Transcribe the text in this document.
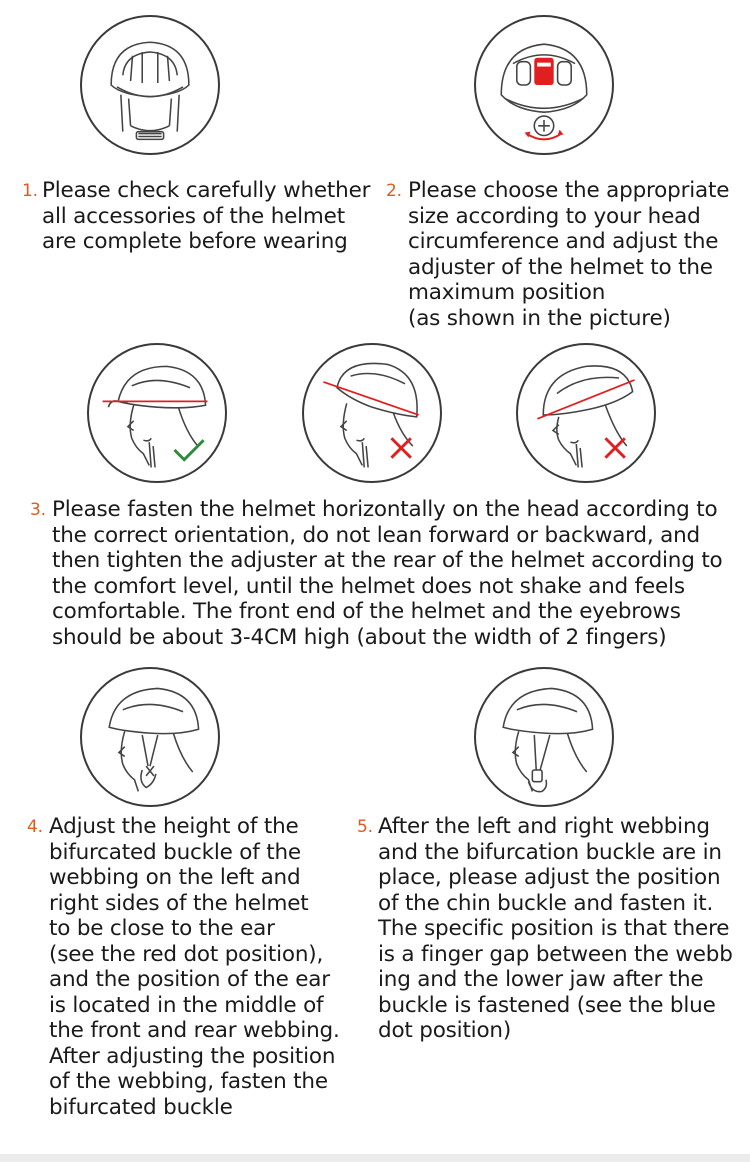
1. Please check carefully whether
all accessories of the helmet
are complete before wearing
2. Please choose the appropriate
size according to your head
circumference and adjust the
adjuster of the helmet to the
maximum position
(as shown in the picture)
3. Please fasten the helmet horizontally on the head according to
the correct orientation, do not lean forward or backward, and
then tighten the adjuster at the rear of the helmet according to
the comfort level, until the helmet does not shake and feels
comfortable. The front end of the helmet and the eyebrows
should be about 3-4CM high (about the width of 2 fingers)
4. Adjust the height of the
bifurcated buckle of the
webbing on the left and
right sides of the helmet
to be close to the ear
(see the red dot position),
and the position of the ear
is located in the middle of
the front and rear webbing.
After adjusting the position
of the webbing, fasten the
bifurcated buckle
5. After the left and right webbing
and the bifurcation buckle are in
place, please adjust the position
of the chin buckle and fasten it.
The specific position is that there
is a finger gap between the webb
ing and the lower jaw after the
buckle is fastened (see the blue
dot position)
